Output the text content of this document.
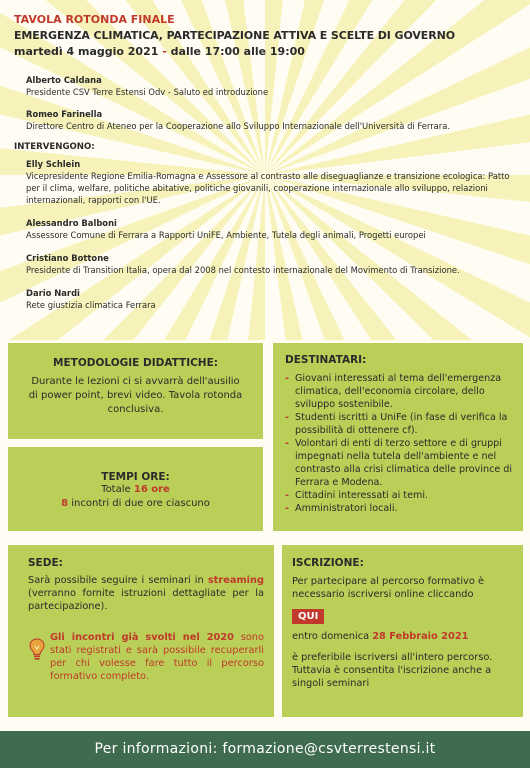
TAVOLA ROTONDA FINALE
EMERGENZA CLIMATICA, PARTECIPAZIONE ATTIVA E SCELTE DI GOVERNO
martedì 4 maggio 2021 - dalle 17:00 alle 19:00
Alberto Caldana
Presidente CSV Terre Estensi Odv - Saluto ed introduzione
Romeo Farinella
Direttore Centro di Ateneo per la Cooperazione allo Sviluppo Internazionale dell'Università di Ferrara.
INTERVENGONO:
Elly Schlein
Vicepresidente Regione Emilia-Romagna e Assessore al contrasto alle diseguaglianze e transizione ecologica: Patto per il clima, welfare, politiche abitative, politiche giovanili, cooperazione internazionale allo sviluppo, relazioni internazionali, rapporti con l'UE.
Alessandro Balboni
Assessore Comune di Ferrara a Rapporti UniFE, Ambiente, Tutela degli animali, Progetti europei
Cristiano Bottone
Presidente di Transition Italia, opera dal 2008 nel contesto internazionale del Movimento di Transizione.
Dario Nardi
Rete giustizia climatica Ferrara
METODOLOGIE DIDATTICHE:
Durante le lezioni ci si avvarrà dell'ausilio di power point, brevi video. Tavola rotonda conclusiva.
TEMPI ORE:
Totale 16 ore
8 incontri di due ore ciascuno
DESTINATARI:
- Giovani interessati al tema dell'emergenza climatica, dell'economia circolare, dello sviluppo sostenibile.
- Studenti iscritti a UniFe (in fase di verifica la possibilità di ottenere cf).
- Volontari di enti di terzo settore e di gruppi impegnati nella tutela dell'ambiente e nel contrasto alla crisi climatica delle province di Ferrara e Modena.
- Cittadini interessati ai temi.
- Amministratori locali.
SEDE:
Sarà possibile seguire i seminari in streaming (verranno fornite istruzioni dettagliate per la partecipazione).
Gli incontri già svolti nel 2020 sono stati registrati e sarà possibile recuperarli per chi volesse fare tutto il percorso formativo completo.
ISCRIZIONE:
Per partecipare al percorso formativo è necessario iscriversi online cliccando
QUI
entro domenica 28 Febbraio 2021
è preferibile iscriversi all'intero percorso. Tuttavia è consentita l'iscrizione anche a singoli seminari
Per informazioni: formazione@csvterrestensi.it
